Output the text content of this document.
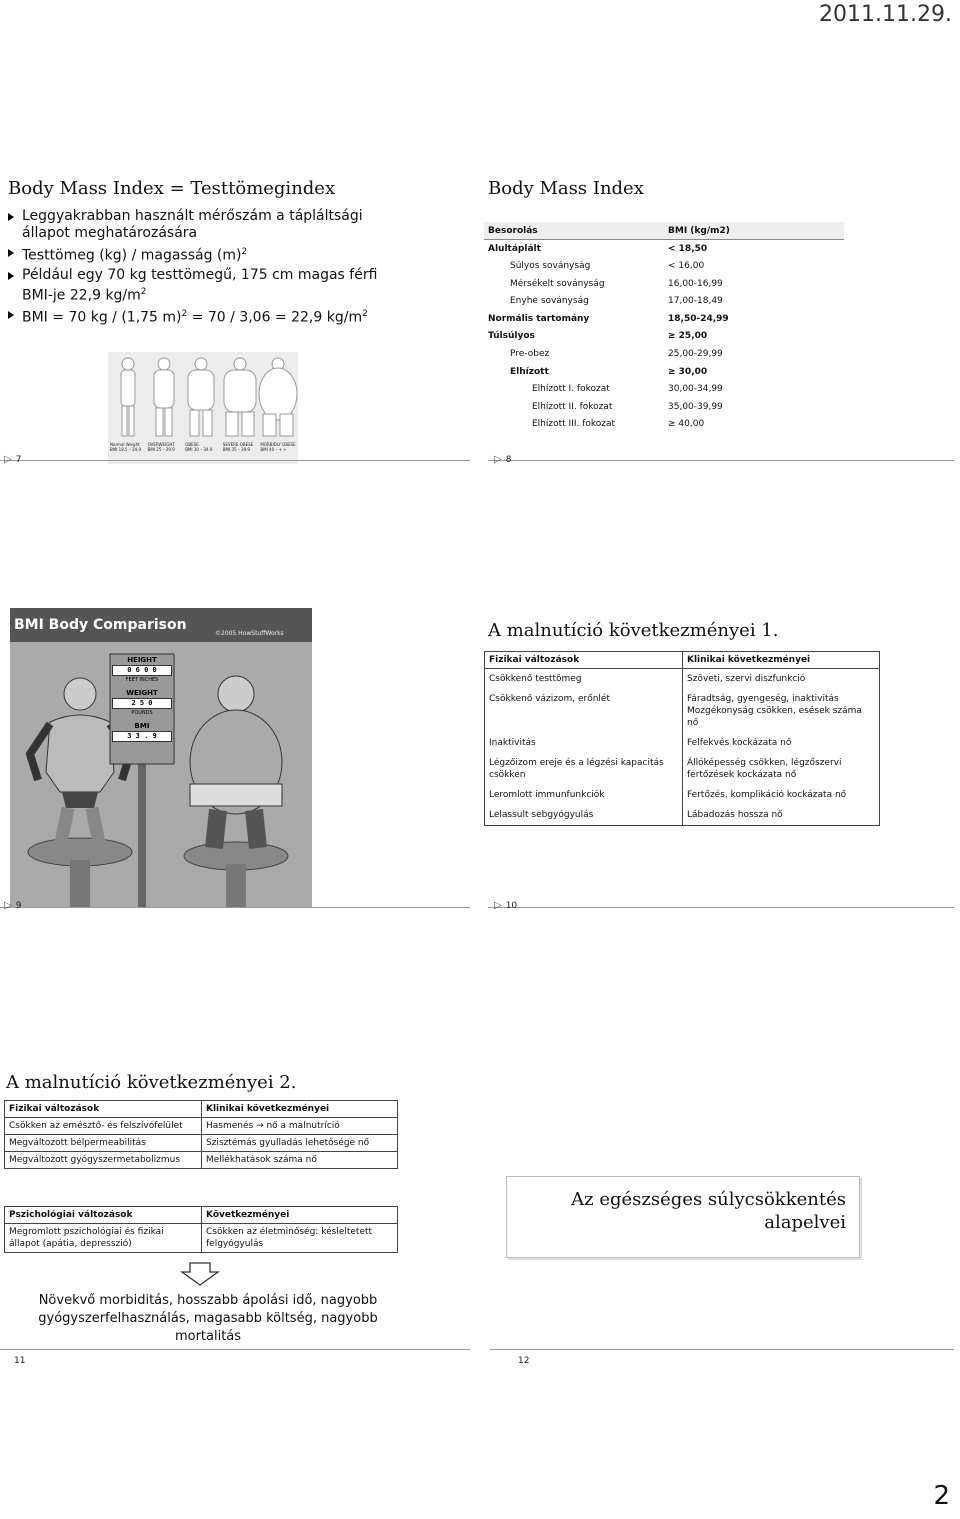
2011.11.29.
Body Mass Index = Testtömegindex
Leggyakrabban használt mérőszám a tápláltsági állapot meghatározására
Testtömeg (kg) / magasság $(m)^2$
Például egy 70 kg testtömegű, 175 cm magas férfi BMI-je 22,9 $kg/m^2$
BMI = 70 kg / (1,75 m)$^2$ = 70 / 3,06 = 22,9 $kg/m^2$
Normal Weight
BMI 18.5 – 24.9
OVERWEIGHT
BMI 25 – 29.9
OBESE
BMI 30 – 34.9
SEVERE OBESE
BMI 35 – 39.9
MORBIDLY OBESE
BMI 40 – + +
▷ 7
Body Mass Index
Besorolás	BMI (kg/m2)
Alultáplált	< 18,50
Súlyos soványság	< 16,00
Mérsékelt soványság	16,00-16,99
Enyhe soványság	17,00-18,49
Normális tartomány	18,50-24,99
Túlsúlyos	≥ 25,00
Pre-obez	25,00-29,99
Elhízott	≥ 30,00
Elhízott I. fokozat	30,00-34,99
Elhízott II. fokozat	35,00-39,99
Elhízott III. fokozat	≥ 40,00
▷ 8
BMI Body Comparison
©2005 HowStuffWorks
HEIGHT
0 6 0 0
FEET INCHES
WEIGHT
2 5 0
POUNDS
BMI
3 3 . 9
▷ 9
A malnutíció következményei 1.
Fizikai változások	Klinikai következményei
Csökkenő testtömeg	Szöveti, szervi diszfunkció
Csökkenő vázizom, erőnlét	Fáradtság, gyengeség, inaktivitás
Mozgékonyság csökken, esések száma nő
Inaktivitás	Felfekvés kockázata nő
Légzőizom ereje és a légzési kapacitás csökken	Állóképesség csökken, légzőszervi fertőzések kockázata nő
Leromlott immunfunkciók	Fertőzés, komplikáció kockázata nő
Lelassult sebgyógyulás	Lábadozás hossza nő
▷ 10
A malnutíció következményei 2.
Fizikai változások	Klinikai következményei
Csökken az emésztő- és felszívófelület	Hasmenés → nő a malnutríció
Megváltozott bélpermeabilitás	Szisztémás gyulladás lehetősége nő
Megváltozott gyógyszermetabolizmus	Mellékhatások száma nő
Pszichológiai változások	Következményei
Megromlott pszichológiai és fizikai állapot (apátia, depresszió)	Csökken az életminőség: késleltetett felgyógyulás
Növekvő morbiditás, hosszabb ápolási idő, nagyobb gyógyszerfelhasználás, magasabb költség, nagyobb mortalitás
11
Az egészséges súlycsökkentés alapelvei
12
2
